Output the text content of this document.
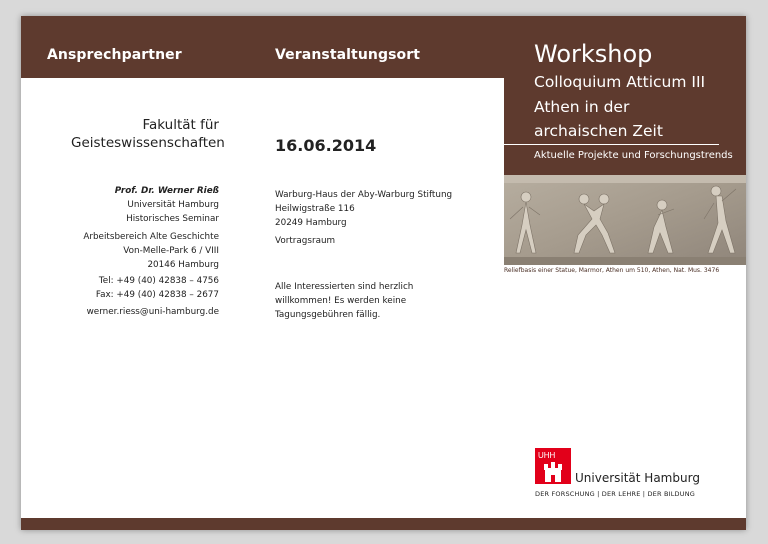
Ansprechpartner	Veranstaltungsort	Workshop
Colloquium Atticum III
Athen in der
archaischen Zeit
Aktuelle Projekte und Forschungstrends
Reliefbasis einer Statue, Marmor, Athen um 510, Athen, Nat. Mus. 3476
Fakultät für
Geisteswissenschaften
Prof. Dr. Werner Rieß
Universität Hamburg
Historisches Seminar
Arbeitsbereich Alte Geschichte
Von-Melle-Park 6 / VIII
20146 Hamburg
Tel: +49 (40) 42838 – 4756
Fax: +49 (40) 42838 – 2677
werner.riess@uni-hamburg.de
16.06.2014
Warburg-Haus der Aby-Warburg Stiftung
Heilwigstraße 116
20249 Hamburg
Vortragsraum
Alle Interessierten sind herzlich
willkommen! Es werden keine
Tagungsgebühren fällig.
UHH
Universität Hamburg
DER FORSCHUNG | DER LEHRE | DER BILDUNG
